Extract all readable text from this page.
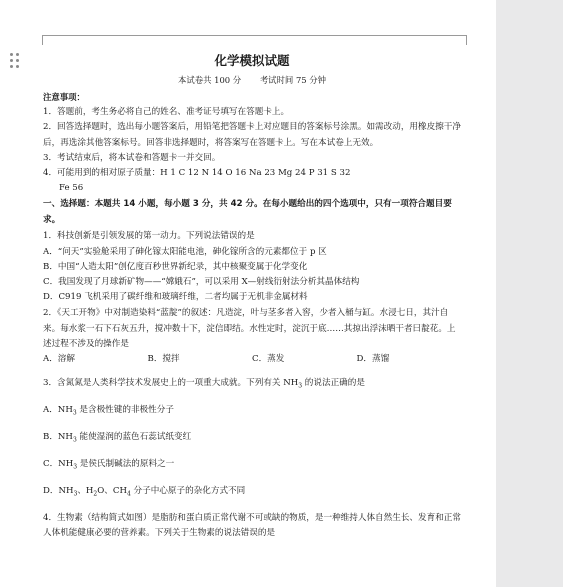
化学模拟试题
本试卷共 100 分 考试时间 75 分钟

注意事项：

1．答题前，考生务必将自己的姓名、准考证号填写在答题卡上。

2．回答选择题时，选出每小题答案后，用铅笔把答题卡上对应题目的答案标号涂黑。如需改动，用橡皮擦干净后，再选涂其他答案标号。回答非选择题时，将答案写在答题卡上。写在本试卷上无效。

3．考试结束后，将本试卷和答题卡一并交回。

4．可能用到的相对原子质量：H 1 C 12 N 14 O 16 Na 23 Mg 24 P 31 S 32

Fe 56

一、选择题：本题共 14 小题，每小题 3 分，共 42 分。在每小题给出的四个选项中，只有一项符合题目要求。

1．科技创新是引领发展的第一动力。下列说法错误的是

A．“问天”实验舱采用了砷化镓太阳能电池，砷化镓所含的元素都位于 p 区

B．中国“人造太阳”创亿度百秒世界新纪录，其中核聚变属于化学变化

C．我国发现了月球新矿物——“嫦娥石”，可以采用 X—射线衍射法分析其晶体结构

D．C919 飞机采用了碳纤维和玻璃纤维，二者均属于无机非金属材料

2．《天工开物》中对制造染料“蓝靛”的叙述：凡造淀，叶与茎多者入窖，少者入桶与缸。水浸七日，其汁自来。每水浆一石下石灰五升，搅冲数十下，淀信即结。水性定时，淀沉于底……其掠出浮沫晒干者曰靛花。上述过程不涉及的操作是

A．溶解	B．搅拌	C．蒸发	D．蒸馏

3．含氮氮是人类科学技术发展史上的一项重大成就。下列有关 $NH_3$ 的说法正确的是

A．$NH_3$ 是含极性键的非极性分子

B．$NH_3$ 能使湿润的蓝色石蕊试纸变红

C．$NH_3$ 是侯氏制碱法的原料之一

D．$NH_3$、$H_2O$、$CH_4$ 分子中心原子的杂化方式不同

4．生物素（结构简式如图）是脂肪和蛋白质正常代谢不可或缺的物质，是一种维持人体自然生长、发育和正常人体机能健康必要的营养素。下列关于生物素的说法错误的是
